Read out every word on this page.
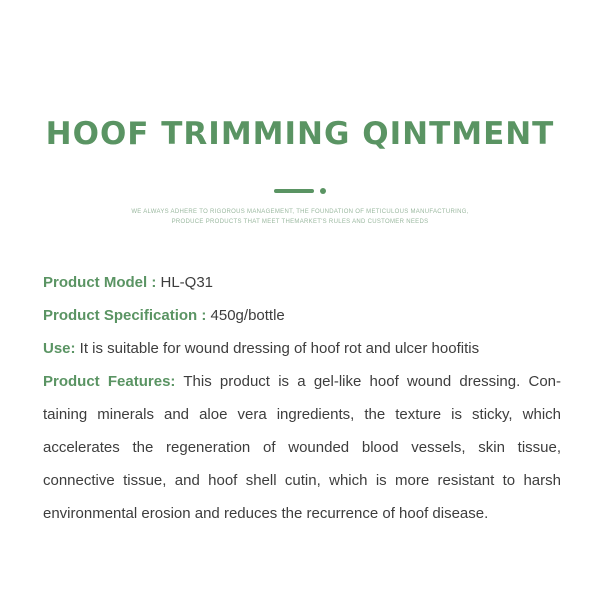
HOOF TRIMMING QINTMENT
WE ALWAYS ADHERE TO RIGOROUS MANAGEMENT, THE FOUNDATION OF METICULOUS MANUFACTURING,
PRODUCE PRODUCTS THAT MEET THEMARKET'S RULES AND CUSTOMER NEEDS

Product Model : HL-Q31

Product Specification : 450g/bottle

Use: It is suitable for wound dressing of hoof rot and ulcer hoofitis

Product Features: This product is a gel-like hoof wound dressing. Con-taining minerals and aloe vera ingredients, the texture is sticky, which accelerates the regeneration of wounded blood vessels, skin tissue, connective tissue, and hoof shell cutin, which is more resistant to harsh environmental erosion and reduces the recurrence of hoof disease.
